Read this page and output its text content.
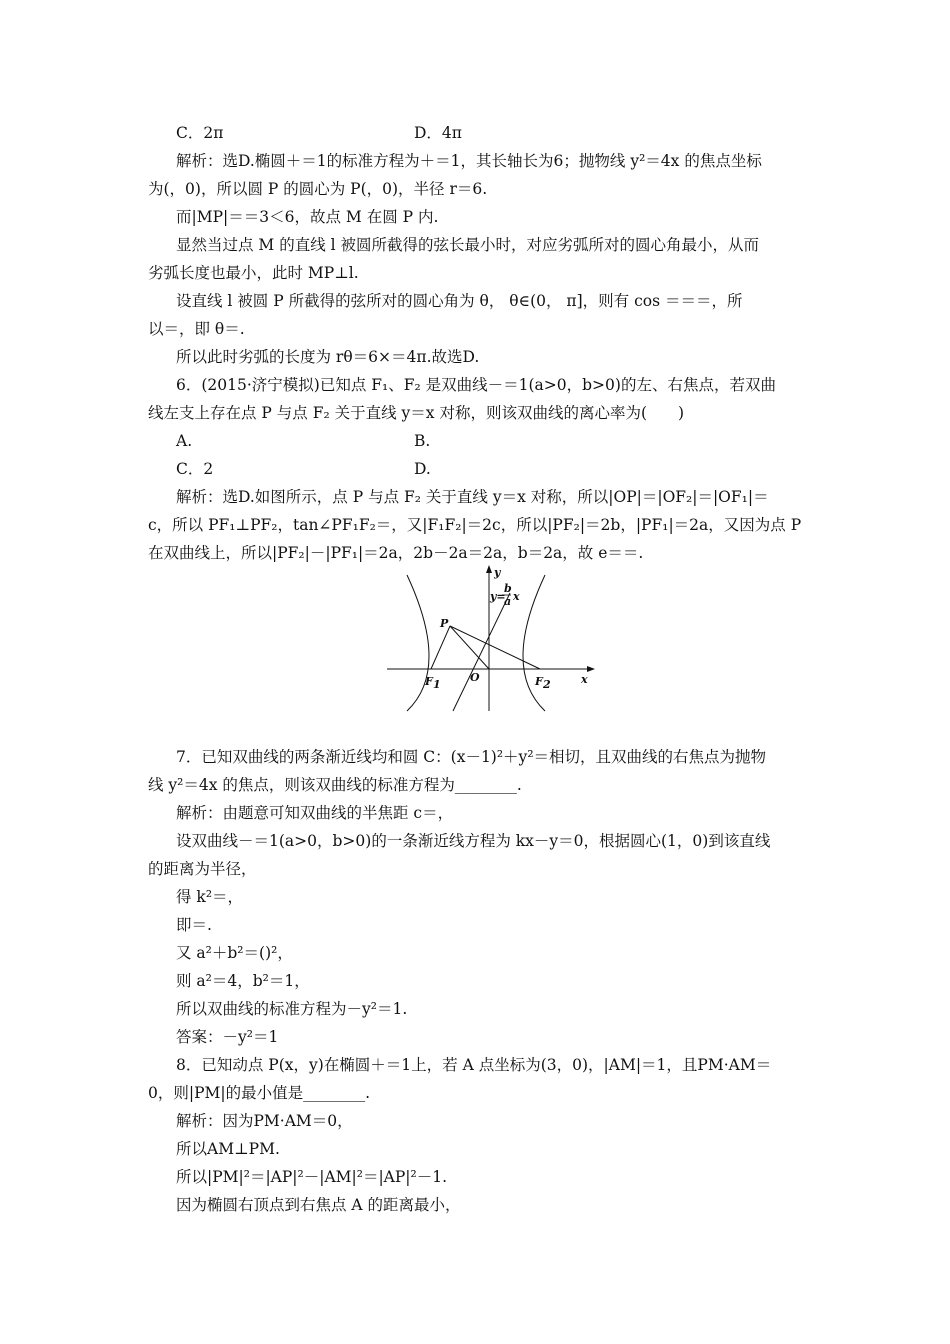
C．2π
解析：选D.椭圆＋＝1的标准方程为＋＝1，其长轴长为6；抛物线 y²＝4x 的焦点坐标
为(，0)，所以圆 P 的圆心为 P(，0)，半径 r＝6.
而|MP|＝＝3＜6，故点 M 在圆 P 内.
显然当过点 M 的直线 l 被圆所截得的弦长最小时，对应劣弧所对的圆心角最小，从而
劣弧长度也最小，此时 MP⊥l.
设直线 l 被圆 P 所截得的弦所对的圆心角为 θ， θ∈(0， π]，则有 cos ＝＝＝，所
以＝，即 θ＝.
所以此时劣弧的长度为 rθ＝6×＝4π.故选D.
6．(2015·济宁模拟)已知点 F₁、F₂ 是双曲线－＝1(a>0，b>0)的左、右焦点，若双曲
线左支上存在点 P 与点 F₂ 关于直线 y＝x 对称，则该双曲线的离心率为(　　)
A.
C．2
解析：选D.如图所示，点 P 与点 F₂ 关于直线 y＝x 对称，所以|OP|＝|OF₂|＝|OF₁|＝
c，所以 PF₁⊥PF₂，tan∠PF₁F₂＝，又|F₁F₂|＝2c，所以|PF₂|＝2b，|PF₁|＝2a，又因为点 P
在双曲线上，所以|PF₂|－|PF₁|＝2a，2b－2a＝2a，b＝2a，故 e＝＝.
7．已知双曲线的两条渐近线均和圆 C：(x－1)²＋y²＝相切，且双曲线的右焦点为抛物
线 y²＝4x 的焦点，则该双曲线的标准方程为________.
解析：由题意可知双曲线的半焦距 c＝，
设双曲线－＝1(a>0，b>0)的一条渐近线方程为 kx－y＝0，根据圆心(1，0)到该直线
的距离为半径，
得 k²＝，
即＝.
又 a²＋b²＝()²，
则 a²＝4，b²＝1，
所以双曲线的标准方程为－y²＝1.
答案：－y²＝1
8．已知动点 P(x，y)在椭圆＋＝1上，若 A 点坐标为(3，0)，|AM|＝1，且PM·AM＝
0，则|PM|的最小值是________.
解析：因为PM·AM＝0，
所以AM⊥PM.
所以|PM|²＝|AP|²－|AM|²＝|AP|²－1.
因为椭圆右顶点到右焦点 A 的距离最小，
D．4π
B.
D.
y
x
y=
b
a x
P
O
F 1	F 2
